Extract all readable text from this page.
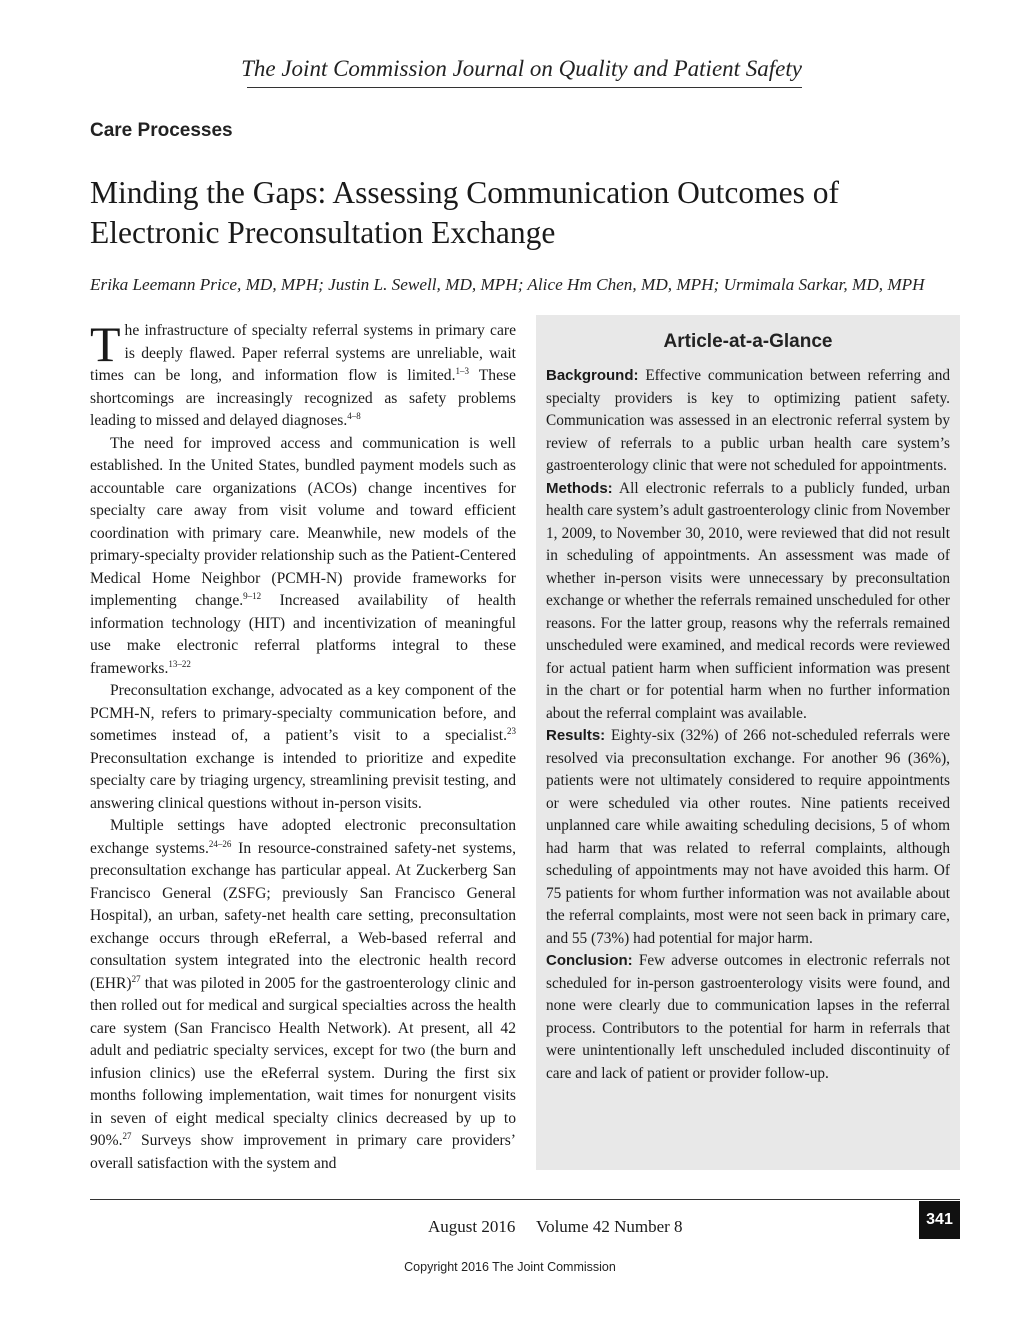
The Joint Commission Journal on Quality and Patient Safety
Care Processes
Minding the Gaps: Assessing Communication Outcomes of Electronic Preconsultation Exchange
Erika Leemann Price, MD, MPH; Justin L. Sewell, MD, MPH; Alice Hm Chen, MD, MPH; Urmimala Sarkar, MD, MPH

The infrastructure of specialty referral systems in primary care is deeply flawed. Paper referral systems are unreliable, wait times can be long, and information flow is limited.$^{1-3}$ These shortcomings are increasingly recognized as safety problems leading to missed and delayed diagnoses.$^{4-8}$

The need for improved access and communication is well established. In the United States, bundled payment models such as accountable care organizations (ACOs) change incentives for specialty care away from visit volume and toward efficient coordination with primary care. Meanwhile, new models of the primary-specialty provider relationship such as the Patient-Centered Medical Home Neighbor (PCMH-N) provide frameworks for implementing change.$^{9-12}$ Increased availability of health information technology (HIT) and incentivization of meaningful use make electronic referral platforms integral to these frameworks.$^{13-22}$

Preconsultation exchange, advocated as a key component of the PCMH-N, refers to primary-specialty communication before, and sometimes instead of, a patient’s visit to a specialist.$^{23}$ Preconsultation exchange is intended to prioritize and expedite specialty care by triaging urgency, streamlining previsit testing, and answering clinical questions without in-person visits.

Multiple settings have adopted electronic preconsultation exchange systems.$^{24-26}$ In resource-constrained safety-net systems, preconsultation exchange has particular appeal. At Zuckerberg San Francisco General (ZSFG; previously San Francisco General Hospital), an urban, safety-net health care setting, preconsultation exchange occurs through eReferral, a Web-based referral and consultation system integrated into the electronic health record (EHR)$^{27}$ that was piloted in 2005 for the gastroenterology clinic and then rolled out for medical and surgical specialties across the health care system (San Francisco Health Network). At present, all 42 adult and pediatric specialty services, except for two (the burn and infusion clinics) use the eReferral system. During the first six months following implementation, wait times for nonurgent visits in seven of eight medical specialty clinics decreased by up to 90%.$^{27}$ Surveys show improvement in primary care providers’ overall satisfaction with the system and

Article-at-a-Glance

Background: Effective communication between referring and specialty providers is key to optimizing patient safety. Communication was assessed in an electronic referral system by review of referrals to a public urban health care system’s gastroenterology clinic that were not scheduled for appointments.

Methods: All electronic referrals to a publicly funded, urban health care system’s adult gastroenterology clinic from November 1, 2009, to November 30, 2010, were reviewed that did not result in scheduling of appointments. An assessment was made of whether in-person visits were unnecessary by preconsultation exchange or whether the referrals remained unscheduled for other reasons. For the latter group, reasons why the referrals remained unscheduled were examined, and medical records were reviewed for actual patient harm when sufficient information was present in the chart or for potential harm when no further information about the referral complaint was available.

Results: Eighty-six (32%) of 266 not-scheduled referrals were resolved via preconsultation exchange. For another 96 (36%), patients were not ultimately considered to require appointments or were scheduled via other routes. Nine patients received unplanned care while awaiting scheduling decisions, 5 of whom had harm that was related to referral complaints, although scheduling of appointments may not have avoided this harm. Of 75 patients for whom further information was not available about the referral complaints, most were not seen back in primary care, and 55 (73%) had potential for major harm.

Conclusion: Few adverse outcomes in electronic referrals not scheduled for in-person gastroenterology visits were found, and none were clearly due to communication lapses in the referral process. Contributors to the potential for harm in referrals that were unintentionally left unscheduled included discontinuity of care and lack of patient or provider follow-up.

August 2016 Volume 42 Number 8	341
Copyright 2016 The Joint Commission
